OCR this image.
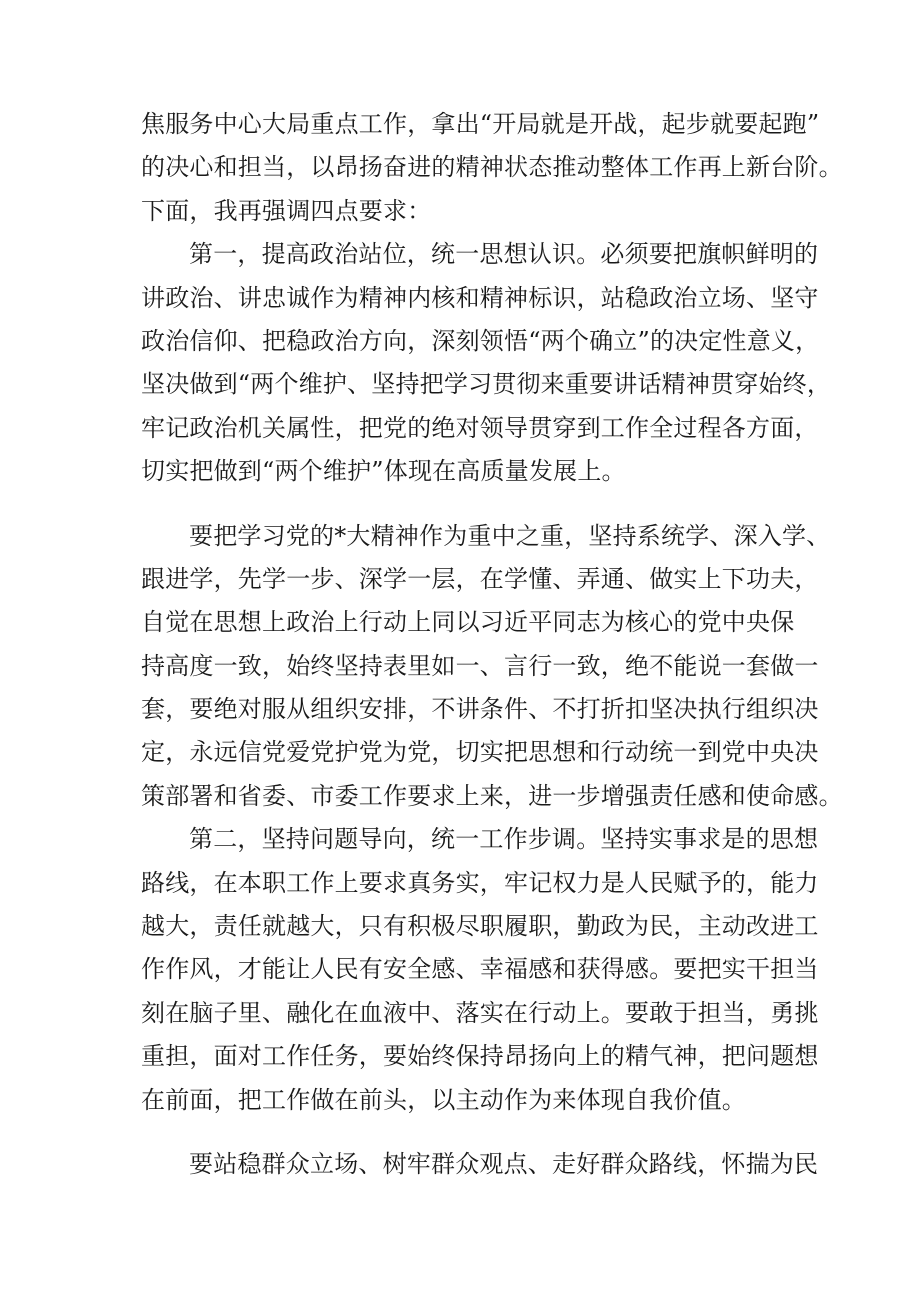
焦服务中心大局重点工作，拿出“开局就是开战，起步就要起跑”
的决心和担当，以昂扬奋进的精神状态推动整体工作再上新台阶。
下面，我再强调四点要求：
第一，提高政治站位，统一思想认识。必须要把旗帜鲜明的
讲政治、讲忠诚作为精神内核和精神标识，站稳政治立场、坚守
政治信仰、把稳政治方向，深刻领悟“两个确立”的决定性意义，
坚决做到“两个维护、坚持把学习贯彻来重要讲话精神贯穿始终，
牢记政治机关属性，把党的绝对领导贯穿到工作全过程各方面，
切实把做到“两个维护”体现在高质量发展上。
要把学习党的*大精神作为重中之重，坚持系统学、深入学、
跟进学，先学一步、深学一层，在学懂、弄通、做实上下功夫，
自觉在思想上政治上行动上同以习近平同志为核心的党中央保
持高度一致，始终坚持表里如一、言行一致，绝不能说一套做一
套，要绝对服从组织安排，不讲条件、不打折扣坚决执行组织决
定，永远信党爱党护党为党，切实把思想和行动统一到党中央决
策部署和省委、市委工作要求上来，进一步增强责任感和使命感。
第二，坚持问题导向，统一工作步调。坚持实事求是的思想
路线，在本职工作上要求真务实，牢记权力是人民赋予的，能力
越大，责任就越大，只有积极尽职履职，勤政为民，主动改进工
作作风，才能让人民有安全感、幸福感和获得感。要把实干担当
刻在脑子里、融化在血液中、落实在行动上。要敢于担当，勇挑
重担，面对工作任务，要始终保持昂扬向上的精气神，把问题想
在前面，把工作做在前头，以主动作为来体现自我价值。
要站稳群众立场、树牢群众观点、走好群众路线，怀揣为民
